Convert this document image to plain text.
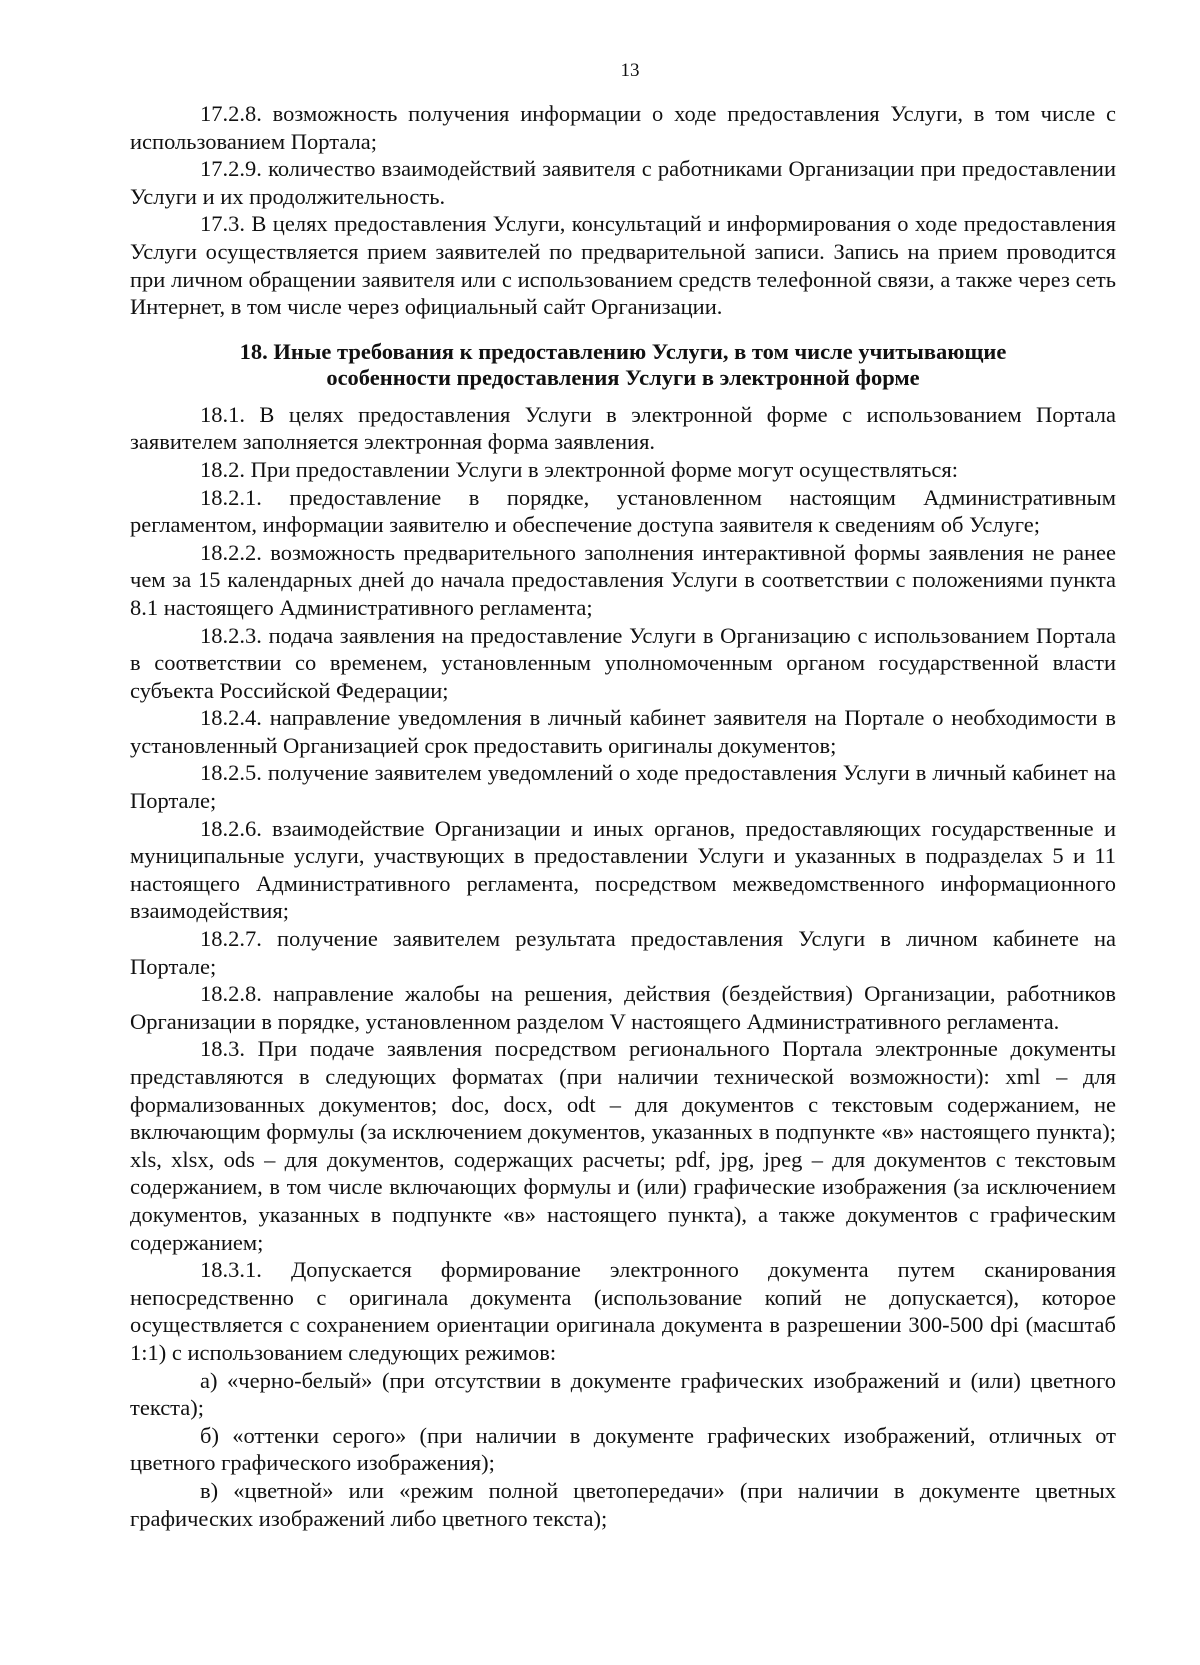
13

17.2.8. возможность получения информации о ходе предоставления Услуги, в том числе с использованием Портала;

17.2.9. количество взаимодействий заявителя с работниками Организации при предоставлении Услуги и их продолжительность.

17.3. В целях предоставления Услуги, консультаций и информирования о ходе предоставления Услуги осуществляется прием заявителей по предварительной записи. Запись на прием проводится при личном обращении заявителя или с использованием средств телефонной связи, а также через сеть Интернет, в том числе через официальный сайт Организации.

18. Иные требования к предоставлению Услуги, в том числе учитывающие
особенности предоставления Услуги в электронной форме

18.1. В целях предоставления Услуги в электронной форме с использованием Портала заявителем заполняется электронная форма заявления.

18.2. При предоставлении Услуги в электронной форме могут осуществляться:

18.2.1. предоставление в порядке, установленном настоящим Административным регламентом, информации заявителю и обеспечение доступа заявителя к сведениям об Услуге;

18.2.2. возможность предварительного заполнения интерактивной формы заявления не ранее чем за 15 календарных дней до начала предоставления Услуги в соответствии с положениями пункта 8.1 настоящего Административного регламента;

18.2.3. подача заявления на предоставление Услуги в Организацию с использованием Портала в соответствии со временем, установленным уполномоченным органом государственной власти субъекта Российской Федерации;

18.2.4. направление уведомления в личный кабинет заявителя на Портале о необходимости в установленный Организацией срок предоставить оригиналы документов;

18.2.5. получение заявителем уведомлений о ходе предоставления Услуги в личный кабинет на Портале;

18.2.6. взаимодействие Организации и иных органов, предоставляющих государственные и муниципальные услуги, участвующих в предоставлении Услуги и указанных в подразделах 5 и 11 настоящего Административного регламента, посредством межведомственного информационного взаимодействия;

18.2.7. получение заявителем результата предоставления Услуги в личном кабинете на Портале;

18.2.8. направление жалобы на решения, действия (бездействия) Организации, работников Организации в порядке, установленном разделом V настоящего Административного регламента.

18.3. При подаче заявления посредством регионального Портала электронные документы представляются в следующих форматах (при наличии технической возможности): xml – для формализованных документов; doc, docx, odt – для документов с текстовым содержанием, не включающим формулы (за исключением документов, указанных в подпункте «в» настоящего пункта); xls, xlsx, ods – для документов, содержащих расчеты; pdf, jpg, jpeg – для документов с текстовым содержанием, в том числе включающих формулы и (или) графические изображения (за исключением документов, указанных в подпункте «в» настоящего пункта), а также документов с графическим содержанием;

18.3.1. Допускается формирование электронного документа путем сканирования непосредственно с оригинала документа (использование копий не допускается), которое осуществляется с сохранением ориентации оригинала документа в разрешении 300-500 dpi (масштаб 1:1) с использованием следующих режимов:

а) «черно-белый» (при отсутствии в документе графических изображений и (или) цветного текста);

б) «оттенки серого» (при наличии в документе графических изображений, отличных от цветного графического изображения);

в) «цветной» или «режим полной цветопередачи» (при наличии в документе цветных графических изображений либо цветного текста);
